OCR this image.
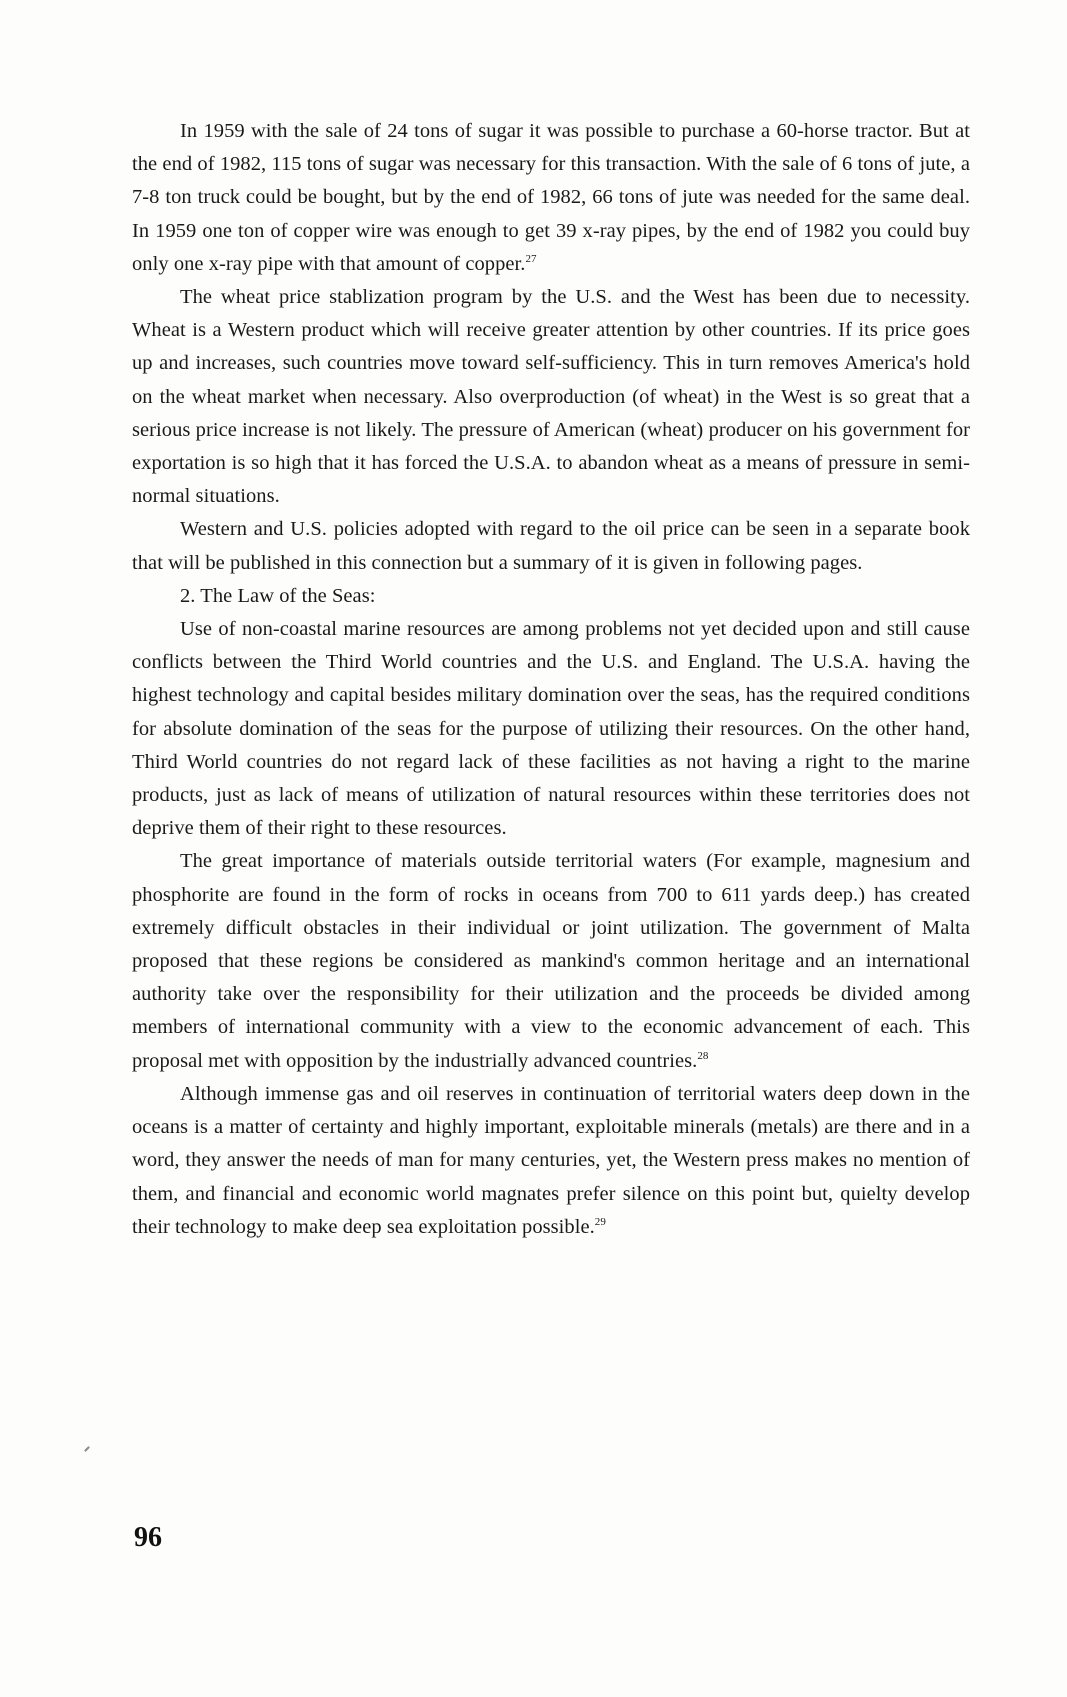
In 1959 with the sale of 24 tons of sugar it was possible to purchase a 60-horse tractor. But at the end of 1982, 115 tons of sugar was necessary for this transaction. With the sale of 6 tons of jute, a 7-8 ton truck could be bought, but by the end of 1982, 66 tons of jute was needed for the same deal. In 1959 one ton of copper wire was enough to get 39 x-ray pipes, by the end of 1982 you could buy only one x-ray pipe with that amount of copper.$^{27}$

The wheat price stablization program by the U.S. and the West has been due to necessity. Wheat is a Western product which will receive greater attention by other countries. If its price goes up and increases, such countries move toward self-sufficiency. This in turn removes America's hold on the wheat market when necessary. Also overproduction (of wheat) in the West is so great that a serious price increase is not likely. The pressure of American (wheat) producer on his government for exportation is so high that it has forced the U.S.A. to abandon wheat as a means of pressure in semi-normal situations.

Western and U.S. policies adopted with regard to the oil price can be seen in a separate book that will be published in this connection but a summary of it is given in following pages.

2. The Law of the Seas:

Use of non-coastal marine resources are among problems not yet decided upon and still cause conflicts between the Third World countries and the U.S. and England. The U.S.A. having the highest technology and capital besides military domination over the seas, has the required conditions for absolute domination of the seas for the purpose of utilizing their resources. On the other hand, Third World countries do not regard lack of these facilities as not having a right to the marine products, just as lack of means of utilization of natural resources within these territories does not deprive them of their right to these resources.

The great importance of materials outside territorial waters (For example, magnesium and phosphorite are found in the form of rocks in oceans from 700 to 611 yards deep.) has created extremely difficult obstacles in their individual or joint utilization. The government of Malta proposed that these regions be considered as mankind's common heritage and an international authority take over the responsibility for their utilization and the proceeds be divided among members of international community with a view to the economic advancement of each. This proposal met with opposition by the industrially advanced countries.$^{28}$

Although immense gas and oil reserves in continuation of territorial waters deep down in the oceans is a matter of certainty and highly important, exploitable minerals (metals) are there and in a word, they answer the needs of man for many centuries, yet, the Western press makes no mention of them, and financial and economic world magnates prefer silence on this point but, quielty develop their technology to make deep sea exploitation possible.$^{29}$

96
